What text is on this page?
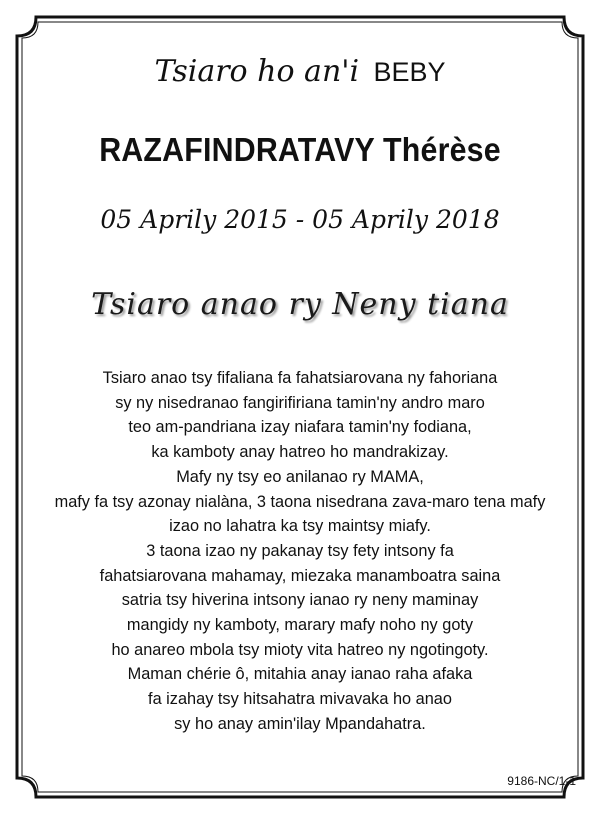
Tsiaro ho an'i BEBY
RAZAFINDRATAVY Thérèse
05 Aprily 2015 - 05 Aprily 2018
Tsiaro anao ry Neny tiana
Tsiaro anao tsy fifaliana fa fahatsiarovana ny fahoriana
sy ny nisedranao fangirifiriana tamin'ny andro maro
teo am-pandriana izay niafara tamin'ny fodiana,
ka kamboty anay hatreo ho mandrakizay.
Mafy ny tsy eo anilanao ry MAMA,
mafy fa tsy azonay nialàna, 3 taona nisedrana zava-maro tena mafy
izao no lahatra ka tsy maintsy miafy.
3 taona izao ny pakanay tsy fety intsony fa
fahatsiarovana mahamay, miezaka manamboatra saina
satria tsy hiverina intsony ianao ry neny maminay
mangidy ny kamboty, marary mafy noho ny goty
ho anareo mbola tsy mioty vita hatreo ny ngotingoty.
Maman chérie ô, mitahia anay ianao raha afaka
fa izahay tsy hitsahatra mivavaka ho anao
sy ho anay amin'ilay Mpandahatra.
9186-NC/1-1
